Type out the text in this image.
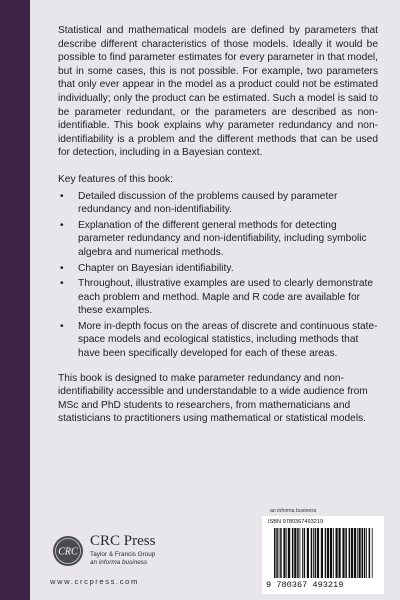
Statistical and mathematical models are defined by parameters that describe different characteristics of those models. Ideally it would be possible to find parameter estimates for every parameter in that model, but in some cases, this is not possible. For example, two parameters that only ever appear in the model as a product could not be estimated individually; only the product can be estimated. Such a model is said to be parameter redundant, or the parameters are described as non-identifiable. This book explains why parameter redundancy and non-identifiability is a problem and the different methods that can be used for detection, including in a Bayesian context.

Key features of this book:

• Detailed discussion of the problems caused by parameter redundancy and non-identifiability.
• Explanation of the different general methods for detecting parameter redundancy and non-identifiability, including symbolic algebra and numerical methods.
• Chapter on Bayesian identifiability.
• Throughout, illustrative examples are used to clearly demonstrate each problem and method. Maple and R code are available for these examples.
• More in-depth focus on the areas of discrete and continuous state-space models and ecological statistics, including methods that have been specifically developed for each of these areas.

This book is designed to make parameter redundancy and non-identifiability accessible and understandable to a wide audience from MSc and PhD students to researchers, from mathematicians and statisticians to practitioners using mathematical or statistical models.

CRC
CRC Press
Taylor & Francis Group
an informa business
www.crcpress.com
an informa business
ISBN 9780367493219
9 780367 493219
